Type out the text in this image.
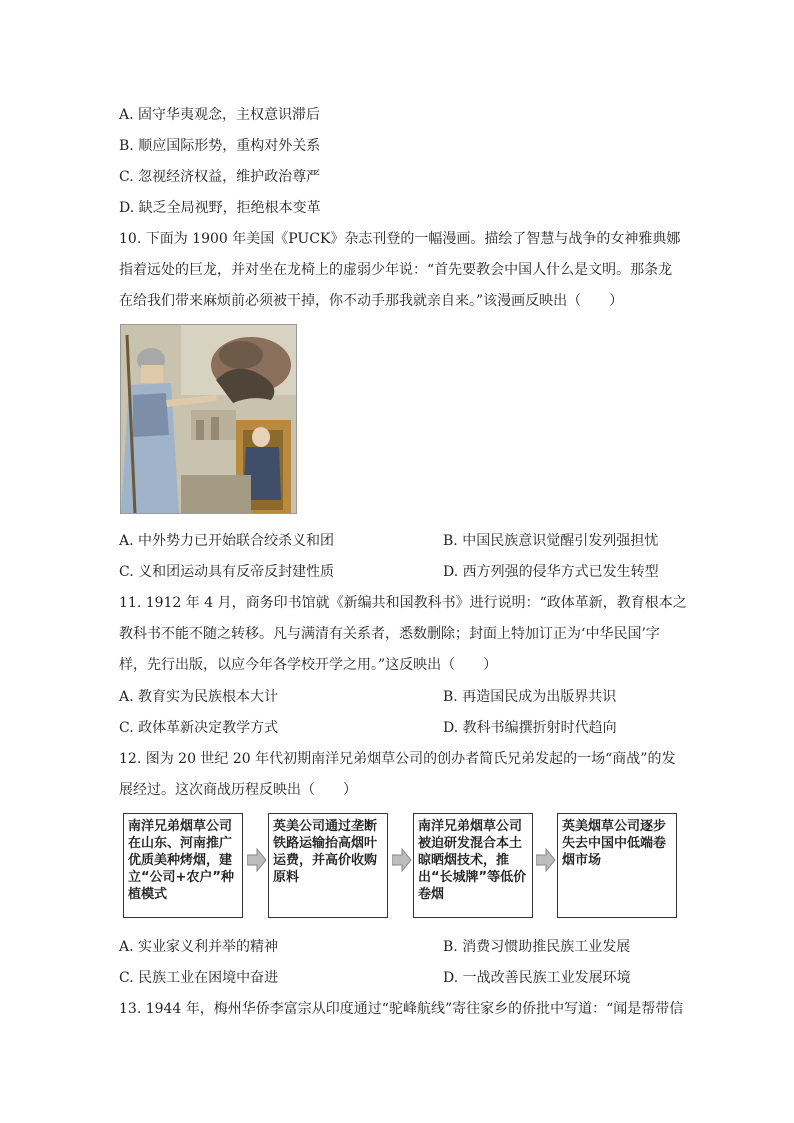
A. 固守华夷观念，主权意识滞后
B. 顺应国际形势，重构对外关系
C. 忽视经济权益，维护政治尊严
D. 缺乏全局视野，拒绝根本变革
10. 下面为 1900 年美国《PUCK》杂志刊登的一幅漫画。描绘了智慧与战争的女神雅典娜
指着远处的巨龙，并对坐在龙椅上的虚弱少年说：“首先要教会中国人什么是文明。那条龙
在给我们带来麻烦前必须被干掉，你不动手那我就亲自来。”该漫画反映出（　　）
A. 中外势力已开始联合绞杀义和团	B. 中国民族意识觉醒引发列强担忧
C. 义和团运动具有反帝反封建性质	D. 西方列强的侵华方式已发生转型
11. 1912 年 4 月，商务印书馆就《新编共和国教科书》进行说明：“政体革新，教育根本之
教科书不能不随之转移。凡与满清有关系者，悉数删除；封面上特加订正为‘中华民国’字
样，先行出版，以应今年各学校开学之用。”这反映出（　　）
A. 教育实为民族根本大计	B. 再造国民成为出版界共识
C. 政体革新决定教学方式	D. 教科书编撰折射时代趋向
12. 图为 20 世纪 20 年代初期南洋兄弟烟草公司的创办者简氏兄弟发起的一场“商战”的发
展经过。这次商战历程反映出（　　）
南洋兄弟烟草公司在山东、河南推广优质美种烤烟，建立“公司+农户”种植模式
英美公司通过垄断铁路运输抬高烟叶运费，并高价收购原料
南洋兄弟烟草公司被迫研发混合本土晾晒烟技术，推出“长城牌”等低价卷烟
英美烟草公司逐步失去中国中低端卷烟市场
A. 实业家义利并举的精神	B. 消费习惯助推民族工业发展
C. 民族工业在困境中奋进	D. 一战改善民族工业发展环境
13. 1944 年，梅州华侨李富宗从印度通过“驼峰航线”寄往家乡的侨批中写道：“闻是帮带信
